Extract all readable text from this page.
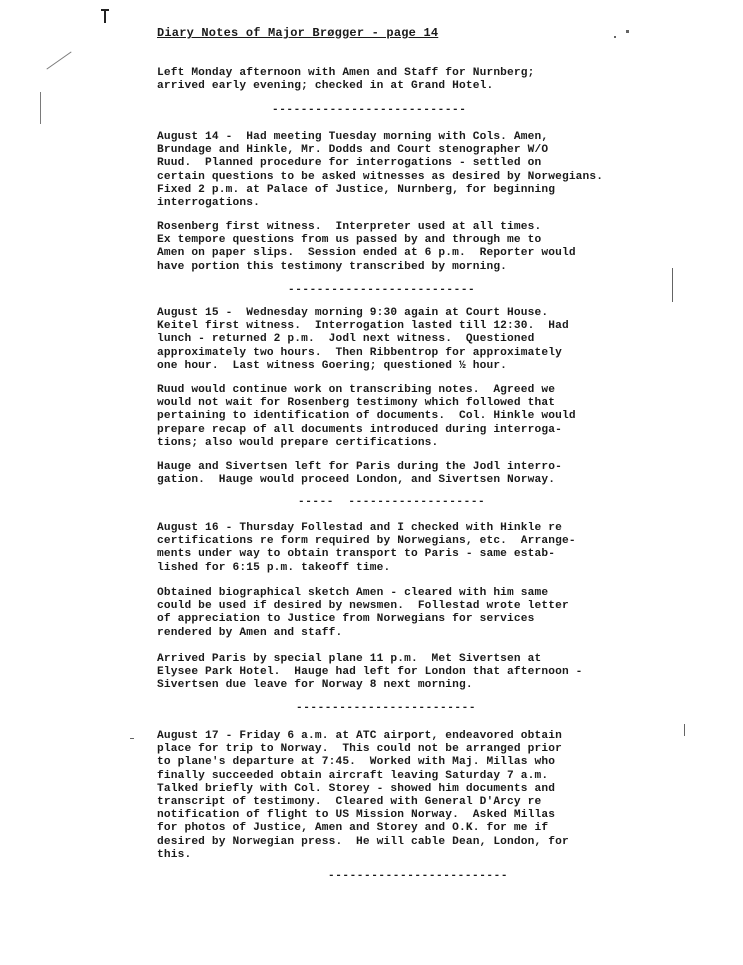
Diary Notes of Major Brøgger - page 14
Left Monday afternoon with Amen and Staff for Nurnberg;
arrived early evening; checked in at Grand Hotel.
---------------------------
August 14 -  Had meeting Tuesday morning with Cols. Amen,
Brundage and Hinkle, Mr. Dodds and Court stenographer W/O
Ruud.  Planned procedure for interrogations - settled on
certain questions to be asked witnesses as desired by Norwegians.
Fixed 2 p.m. at Palace of Justice, Nurnberg, for beginning
interrogations.
Rosenberg first witness.  Interpreter used at all times.
Ex tempore questions from us passed by and through me to
Amen on paper slips.  Session ended at 6 p.m.  Reporter would
have portion this testimony transcribed by morning.
--------------------------
August 15 -  Wednesday morning 9:30 again at Court House.
Keitel first witness.  Interrogation lasted till 12:30.  Had
lunch - returned 2 p.m.  Jodl next witness.  Questioned
approximately two hours.  Then Ribbentrop for approximately
one hour.  Last witness Goering; questioned ½ hour.
Ruud would continue work on transcribing notes.  Agreed we
would not wait for Rosenberg testimony which followed that
pertaining to identification of documents.  Col. Hinkle would
prepare recap of all documents introduced during interroga-
tions; also would prepare certifications.
Hauge and Sivertsen left for Paris during the Jodl interro-
gation.  Hauge would proceed London, and Sivertsen Norway.
-----  -------------------
August 16 - Thursday Follestad and I checked with Hinkle re
certifications re form required by Norwegians, etc.  Arrange-
ments under way to obtain transport to Paris - same estab-
lished for 6:15 p.m. takeoff time.
Obtained biographical sketch Amen - cleared with him same
could be used if desired by newsmen.  Follestad wrote letter
of appreciation to Justice from Norwegians for services
rendered by Amen and staff.
Arrived Paris by special plane 11 p.m.  Met Sivertsen at
Elysee Park Hotel.  Hauge had left for London that afternoon -
Sivertsen due leave for Norway 8 next morning.
-------------------------
August 17 - Friday 6 a.m. at ATC airport, endeavored obtain
place for trip to Norway.  This could not be arranged prior
to plane's departure at 7:45.  Worked with Maj. Millas who
finally succeeded obtain aircraft leaving Saturday 7 a.m.
Talked briefly with Col. Storey - showed him documents and
transcript of testimony.  Cleared with General D'Arcy re
notification of flight to US Mission Norway.  Asked Millas
for photos of Justice, Amen and Storey and O.K. for me if
desired by Norwegian press.  He will cable Dean, London, for
this.
-------------------------
